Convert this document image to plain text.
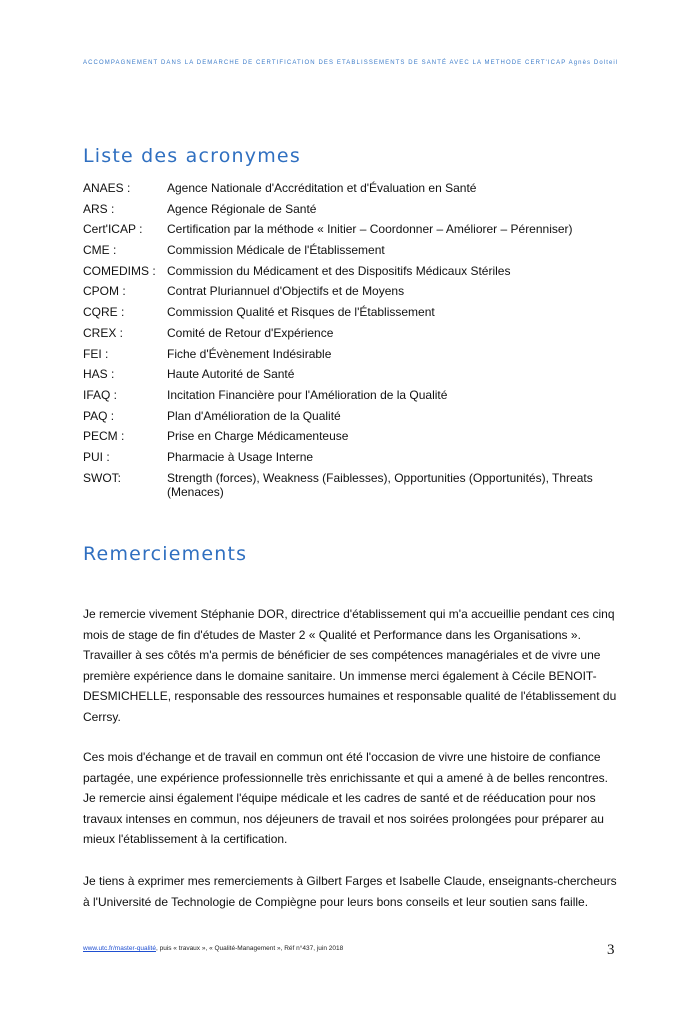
ACCOMPAGNEMENT DANS LA DEMARCHE DE CERTIFICATION DES ETABLISSEMENTS DE SANTÉ AVEC LA METHODE CERT'ICAP Agnès Dolteil
Liste des acronymes
ANAES :	Agence Nationale d'Accréditation et d'Évaluation en Santé
ARS :	Agence Régionale de Santé
Cert'ICAP :	Certification par la méthode « Initier – Coordonner – Améliorer – Pérenniser)
CME :	Commission Médicale de l'Établissement
COMEDIMS : Commission du Médicament et des Dispositifs Médicaux Stériles
CPOM :	Contrat Pluriannuel d'Objectifs et de Moyens
CQRE :	Commission Qualité et Risques de l'Établissement
CREX :	Comité de Retour d'Expérience
FEI :	Fiche d'Évènement Indésirable
HAS :	Haute Autorité de Santé
IFAQ :	Incitation Financière pour l'Amélioration de la Qualité
PAQ :	Plan d'Amélioration de la Qualité
PECM :	Prise en Charge Médicamenteuse
PUI :	Pharmacie à Usage Interne
SWOT:	Strength (forces), Weakness (Faiblesses), Opportunities (Opportunités), Threats (Menaces)
Remerciements

Je remercie vivement Stéphanie DOR, directrice d'établissement qui m'a accueillie pendant ces cinq mois de stage de fin d'études de Master 2 « Qualité et Performance dans les Organisations ». Travailler à ses côtés m'a permis de bénéficier de ses compétences managériales et de vivre une première expérience dans le domaine sanitaire. Un immense merci également à Cécile BENOIT-DESMICHELLE, responsable des ressources humaines et responsable qualité de l'établissement du Cerrsy.

Ces mois d'échange et de travail en commun ont été l'occasion de vivre une histoire de confiance partagée, une expérience professionnelle très enrichissante et qui a amené à de belles rencontres. Je remercie ainsi également l'équipe médicale et les cadres de santé et de rééducation pour nos travaux intenses en commun, nos déjeuners de travail et nos soirées prolongées pour préparer au mieux l'établissement à la certification.

Je tiens à exprimer mes remerciements à Gilbert Farges et Isabelle Claude, enseignants-chercheurs à l'Université de Technologie de Compiègne pour leurs bons conseils et leur soutien sans faille.

www.utc.fr/master-qualité, puis « travaux », « Qualité-Management », Réf n°437, juin 2018	3
